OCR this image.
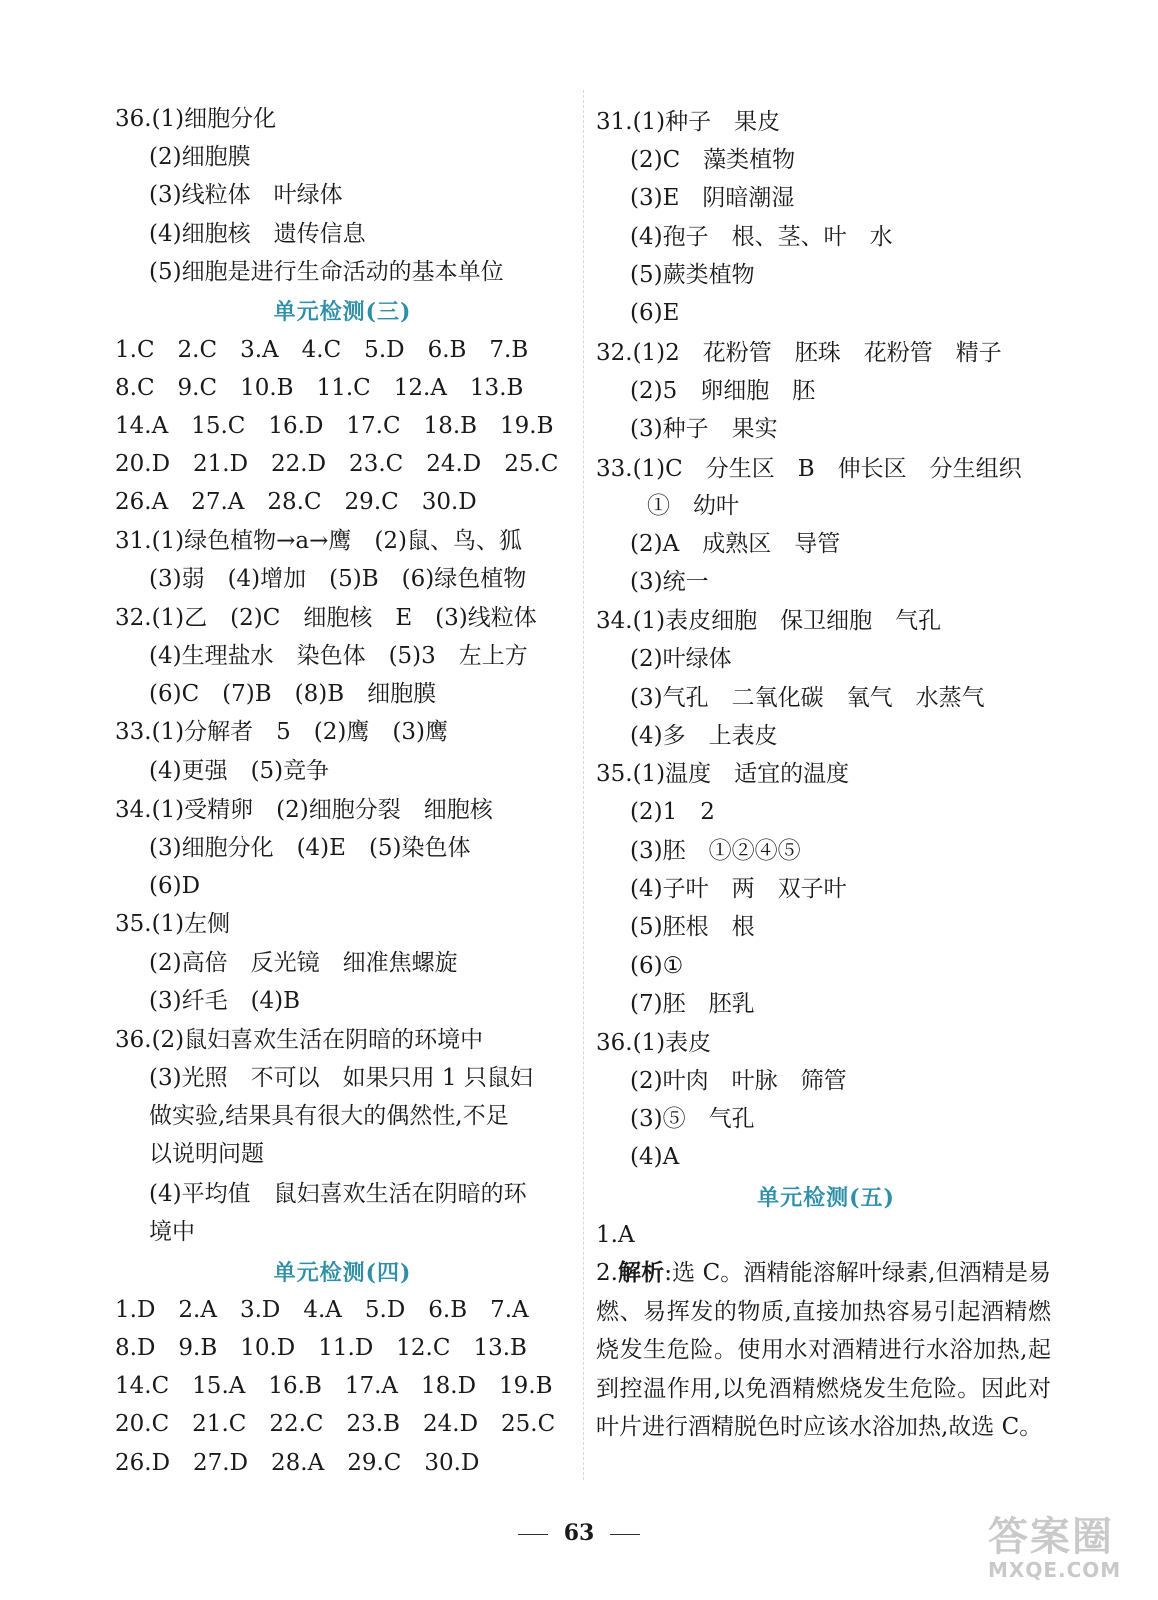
36.(1)细胞分化
(2)细胞膜
(3)线粒体　叶绿体
(4)细胞核　遗传信息
(5)细胞是进行生命活动的基本单位
单元检测(三)
1.C　2.C　3.A　4.C　5.D　6.B　7.B
8.C　9.C　10.B　11.C　12.A　13.B
14.A　15.C　16.D　17.C　18.B　19.B
20.D　21.D　22.D　23.C　24.D　25.C
26.A　27.A　28.C　29.C　30.D
31.(1)绿色植物→a→鹰　(2)鼠、鸟、狐
(3)弱　(4)增加　(5)B　(6)绿色植物
32.(1)乙　(2)C　细胞核　E　(3)线粒体
(4)生理盐水　染色体　(5)3　左上方
(6)C　(7)B　(8)B　细胞膜
33.(1)分解者　5　(2)鹰　(3)鹰
(4)更强　(5)竞争
34.(1)受精卵　(2)细胞分裂　细胞核
(3)细胞分化　(4)E　(5)染色体
(6)D
35.(1)左侧
(2)高倍　反光镜　细准焦螺旋
(3)纤毛　(4)B
36.(2)鼠妇喜欢生活在阴暗的环境中
(3)光照　不可以　如果只用 1 只鼠妇
做实验,结果具有很大的偶然性,不足
以说明问题
(4)平均值　鼠妇喜欢生活在阴暗的环
境中
单元检测(四)
1.D　2.A　3.D　4.A　5.D　6.B　7.A
8.D　9.B　10.D　11.D　12.C　13.B
14.C　15.A　16.B　17.A　18.D　19.B
20.C　21.C　22.C　23.B　24.D　25.C
26.D　27.D　28.A　29.C　30.D
31.(1)种子　果皮
(2)C　藻类植物
(3)E　阴暗潮湿
(4)孢子　根、茎、叶　水
(5)蕨类植物
(6)E
32.(1)2　花粉管　胚珠　花粉管　精子
(2)5　卵细胞　胚
(3)种子　果实
33.(1)C　分生区　B　伸长区　分生组织
①　幼叶
(2)A　成熟区　导管
(3)统一
34.(1)表皮细胞　保卫细胞　气孔
(2)叶绿体
(3)气孔　二氧化碳　氧气　水蒸气
(4)多　上表皮
35.(1)温度　适宜的温度
(2)1　2
(3)胚　①②④⑤
(4)子叶　两　双子叶
(5)胚根　根
(6)①
(7)胚　胚乳
36.(1)表皮
(2)叶肉　叶脉　筛管
(3)⑤　气孔
(4)A
单元检测(五)
1.A
2.解析:选 C。酒精能溶解叶绿素,但酒精是易燃、易挥发的物质,直接加热容易引起酒精燃烧发生危险。使用水对酒精进行水浴加热,起到控温作用,以免酒精燃烧发生危险。因此对叶片进行酒精脱色时应该水浴加热,故选 C。
63	答案圈
MXQE.COM
